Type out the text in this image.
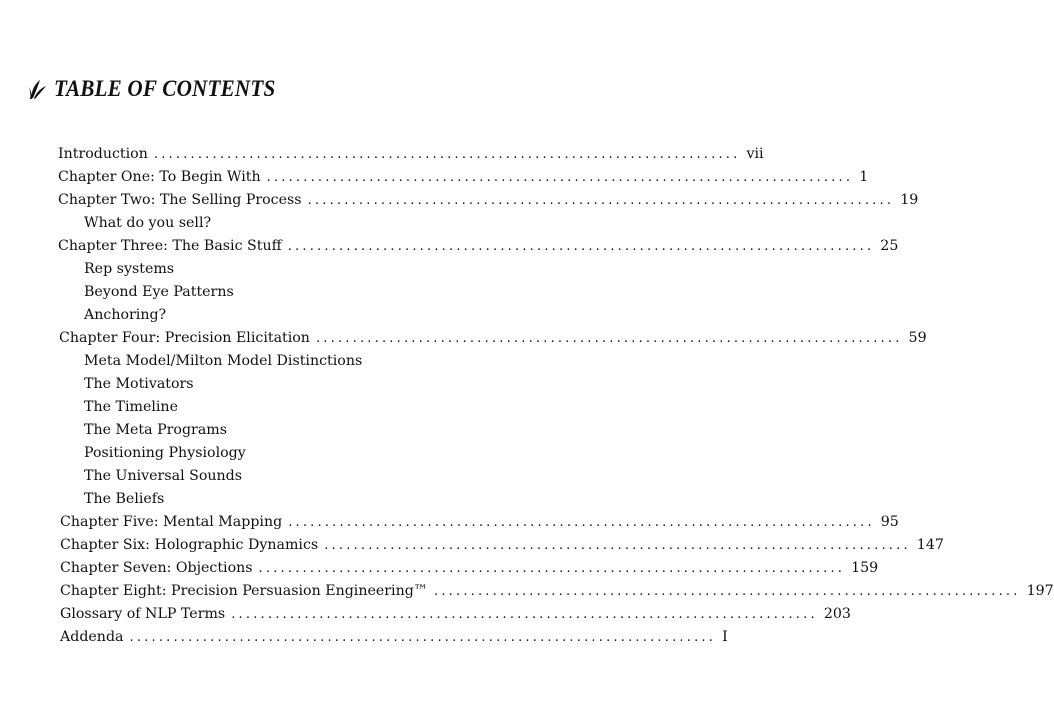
TABLE OF CONTENTS
Introduction ................................................................................ vii
Chapter One: To Begin With ................................................................................ 1
Chapter Two: The Selling Process ................................................................................ 19
What do you sell?
Chapter Three: The Basic Stuff ................................................................................ 25
Rep systems
Beyond Eye Patterns
Anchoring?
Chapter Four: Precision Elicitation ................................................................................ 59
Meta Model/Milton Model Distinctions
The Motivators
The Timeline
The Meta Programs
Positioning Physiology
The Universal Sounds
The Beliefs
Chapter Five: Mental Mapping ................................................................................ 95
Chapter Six: Holographic Dynamics ................................................................................ 147
Chapter Seven: Objections ................................................................................ 159
Chapter Eight: Precision Persuasion Engineering™ ................................................................................ 197
Glossary of NLP Terms ................................................................................ 203
Addenda ................................................................................ I
